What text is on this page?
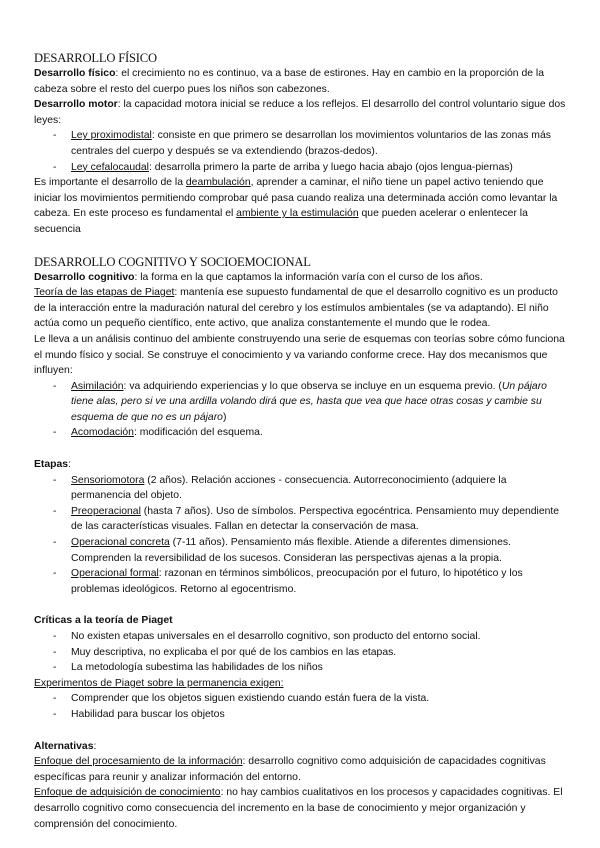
DESARROLLO FÍSICO

Desarrollo físico: el crecimiento no es continuo, va a base de estirones. Hay en cambio en la proporción de la cabeza sobre el resto del cuerpo pues los niños son cabezones.

Desarrollo motor: la capacidad motora inicial se reduce a los reflejos. El desarrollo del control voluntario sigue dos leyes:

- Ley proximodistal: consiste en que primero se desarrollan los movimientos voluntarios de las zonas más centrales del cuerpo y después se va extendiendo (brazos-dedos).
- Ley cefalocaudal: desarrolla primero la parte de arriba y luego hacia abajo (ojos lengua-piernas)

Es importante el desarrollo de la deambulación, aprender a caminar, el niño tiene un papel activo teniendo que iniciar los movimientos permitiendo comprobar qué pasa cuando realiza una determinada acción como levantar la cabeza. En este proceso es fundamental el ambiente y la estimulación que pueden acelerar o enlentecer la secuencia

DESARROLLO COGNITIVO Y SOCIOEMOCIONAL

Desarrollo cognitivo: la forma en la que captamos la información varía con el curso de los años.

Teoría de las etapas de Piaget: mantenía ese supuesto fundamental de que el desarrollo cognitivo es un producto de la interacción entre la maduración natural del cerebro y los estímulos ambientales (se va adaptando). El niño actúa como un pequeño científico, ente activo, que analiza constantemente el mundo que le rodea.

Le lleva a un análisis continuo del ambiente construyendo una serie de esquemas con teorías sobre cómo funciona el mundo físico y social. Se construye el conocimiento y va variando conforme crece. Hay dos mecanismos que influyen:

- Asimilación: va adquiriendo experiencias y lo que observa se incluye en un esquema previo. (Un pájaro tiene alas, pero si ve una ardilla volando dirá que es, hasta que vea que hace otras cosas y cambie su esquema de que no es un pájaro)
- Acomodación: modificación del esquema.

Etapas:

- Sensoriomotora (2 años). Relación acciones - consecuencia. Autorreconocimiento (adquiere la permanencia del objeto.
- Preoperacional (hasta 7 años). Uso de símbolos. Perspectiva egocéntrica. Pensamiento muy dependiente de las características visuales. Fallan en detectar la conservación de masa.
- Operacional concreta (7-11 años). Pensamiento más flexible. Atiende a diferentes dimensiones. Comprenden la reversibilidad de los sucesos. Consideran las perspectivas ajenas a la propia.
- Operacional formal: razonan en términos simbólicos, preocupación por el futuro, lo hipotético y los problemas ideológicos. Retorno al egocentrismo.

Críticas a la teoría de Piaget

- No existen etapas universales en el desarrollo cognitivo, son producto del entorno social.
- Muy descriptiva, no explicaba el por qué de los cambios en las etapas.
- La metodología subestima las habilidades de los niños

Experimentos de Piaget sobre la permanencia exigen:

- Comprender que los objetos siguen existiendo cuando están fuera de la vista.
- Habilidad para buscar los objetos

Alternativas:

Enfoque del procesamiento de la información: desarrollo cognitivo como adquisición de capacidades cognitivas específicas para reunir y analizar información del entorno.

Enfoque de adquisición de conocimiento: no hay cambios cualitativos en los procesos y capacidades cognitivas. El desarrollo cognitivo como consecuencia del incremento en la base de conocimiento y mejor organización y comprensión del conocimiento.
